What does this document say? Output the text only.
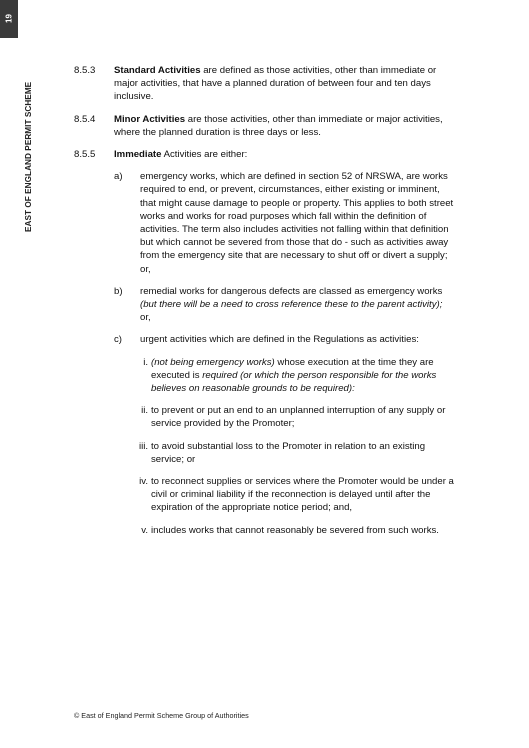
19
EAST OF ENGLAND PERMIT SCHEME
8.5.3	Standard Activities are defined as those activities, other than immediate or major activities, that have a planned duration of between four and ten days inclusive.
8.5.4	Minor Activities are those activities, other than immediate or major activities, where the planned duration is three days or less.
8.5.5	Immediate Activities are either:
a)	emergency works, which are defined in section 52 of NRSWA, are works required to end, or prevent, circumstances, either existing or imminent, that might cause damage to people or property. This applies to both street works and works for road purposes which fall within the definition of activities. The term also includes activities not falling within that definition but which cannot be severed from those that do - such as activities away from the emergency site that are necessary to shut off or divert a supply; or,
b)	remedial works for dangerous defects are classed as emergency works (but there will be a need to cross reference these to the parent activity); or,
c)	urgent activities which are defined in the Regulations as activities:
i. (not being emergency works) whose execution at the time they are executed is required (or which the person responsible for the works believes on reasonable grounds to be required):
ii. to prevent or put an end to an unplanned interruption of any supply or service provided by the Promoter;
iii. to avoid substantial loss to the Promoter in relation to an existing service; or
iv. to reconnect supplies or services where the Promoter would be under a civil or criminal liability if the reconnection is delayed until after the expiration of the appropriate notice period; and,
v. includes works that cannot reasonably be severed from such works.
© East of England Permit Scheme Group of Authorities
